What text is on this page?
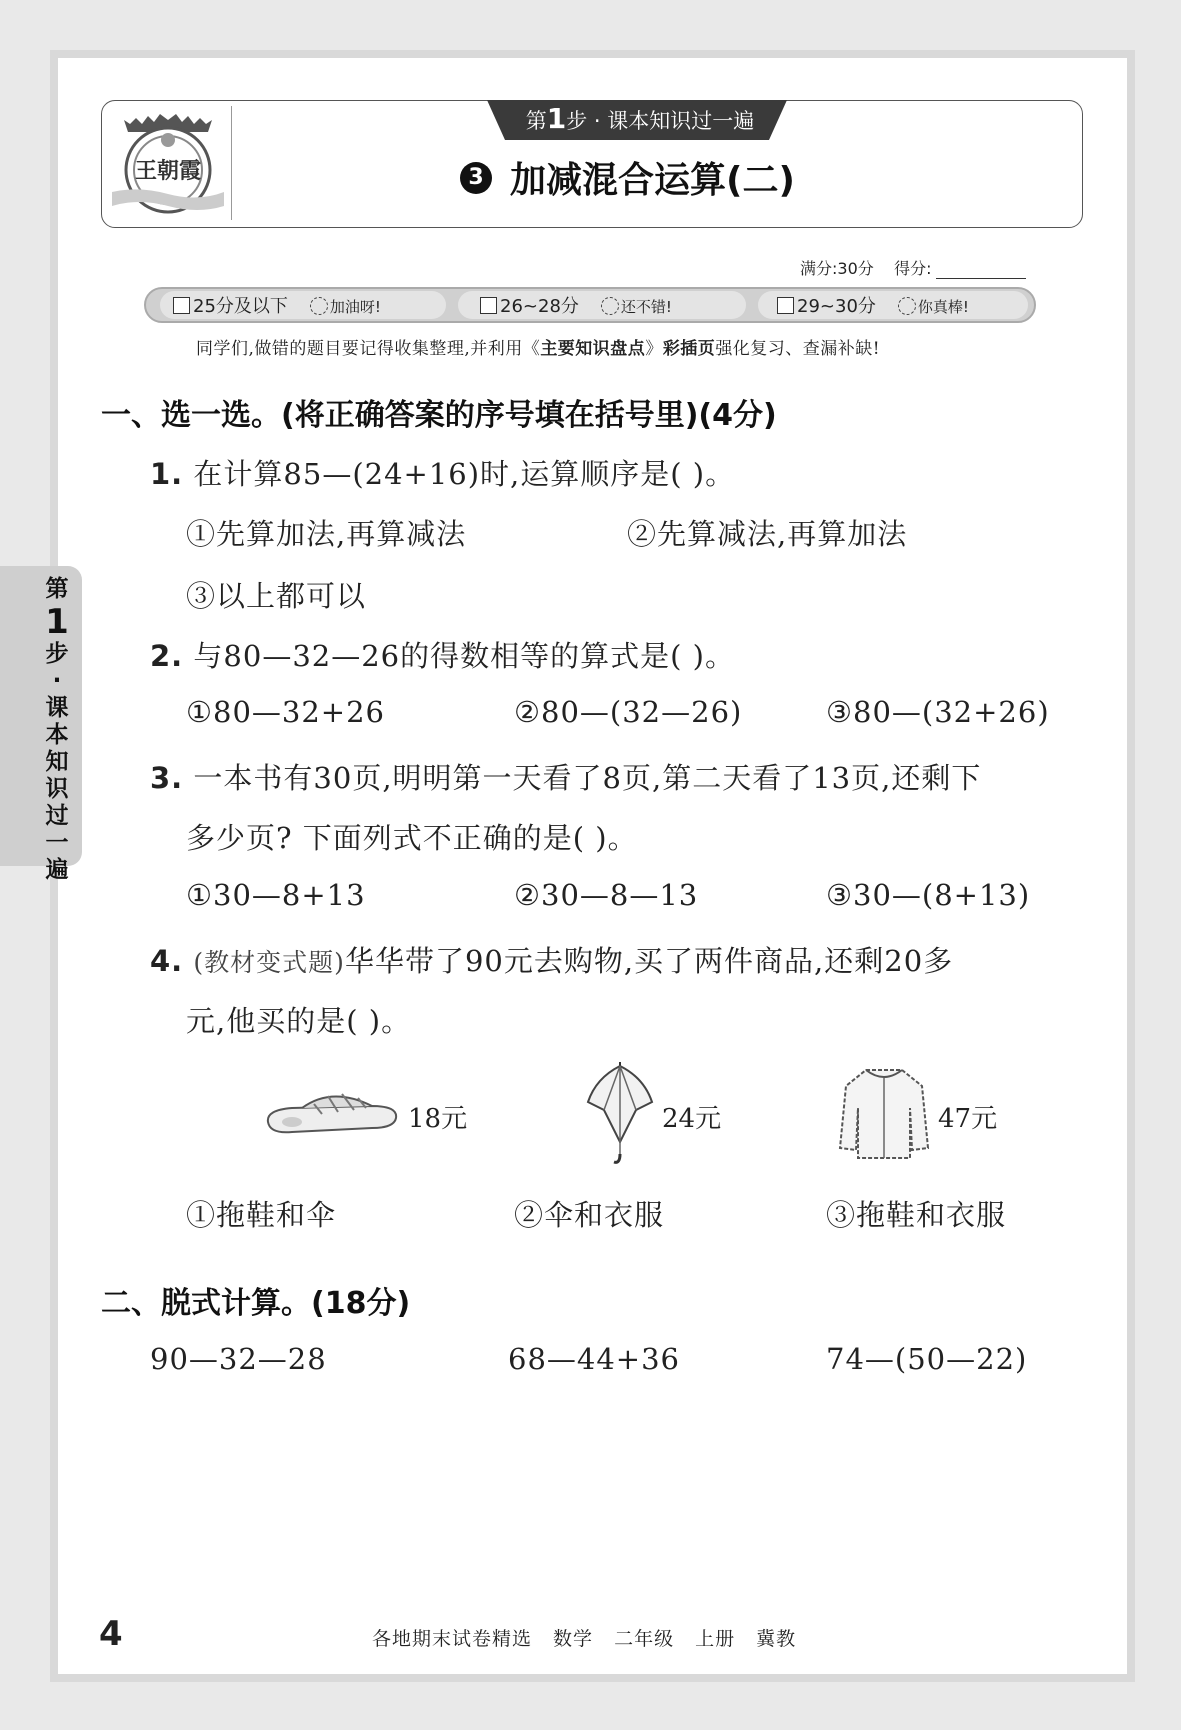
王朝霞
第1步 · 课本知识过一遍
3 加减混合运算(二)
满分:30分 得分:
25分及以下	加油呀!	26~28分	还不错!	29~30分	你真棒!
同学们,做错的题目要记得收集整理,并利用《主要知识盘点》彩插页强化复习、查漏补缺!
第
1
步·课本知识过一遍
一、选一选。(将正确答案的序号填在括号里)(4分)
1. 在计算85—(24+16)时,运算顺序是( )。
①先算加法,再算减法	②先算减法,再算加法
③以上都可以
2. 与80—32—26的得数相等的算式是( )。
①80—32+26	②80—(32—26)	③80—(32+26)
3. 一本书有30页,明明第一天看了8页,第二天看了13页,还剩下
多少页? 下面列式不正确的是( )。
①30—8+13	②30—8—13	③30—(8+13)
4. (教材变式题)华华带了90元去购物,买了两件商品,还剩20多
元,他买的是( )。
18元	24元	47元
①拖鞋和伞	②伞和衣服	③拖鞋和衣服
二、脱式计算。(18分)
90—32—28	68—44+36	74—(50—22)
4	各地期末试卷精选 数学 二年级 上册 冀教
